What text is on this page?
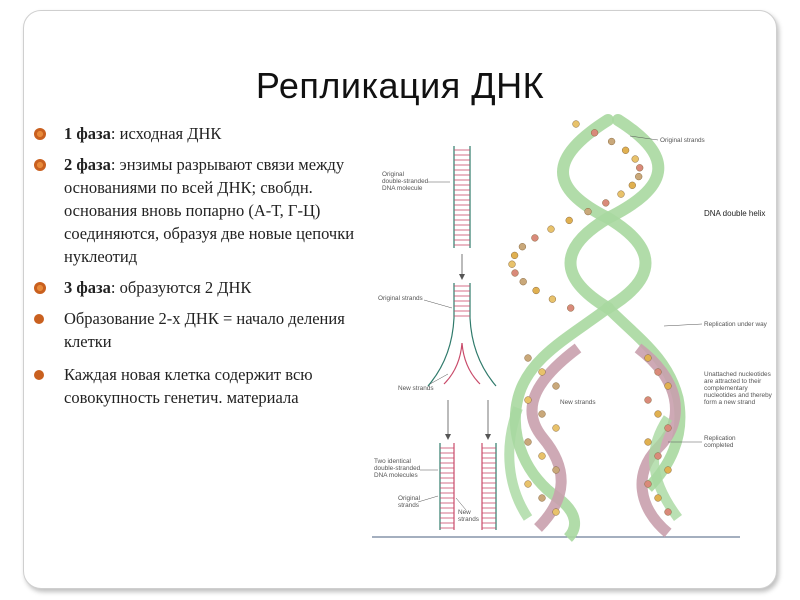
Репликация ДНК
1 фаза: исходная ДНК
2 фаза: энзимы разрывают связи между основаниями по всей ДНК; свобдн. основания вновь попарно (А-Т, Г-Ц) соединяются, образуя две новые цепочки нуклеотид
3 фаза: образуются 2 ДНК
Образование 2-х ДНК = начало деления клетки
Каждая новая клетка содержит всю совокупность генетич. материала
Original
double-stranded
DNA molecule
Original strands
New strands
Two identical
double-stranded
DNA molecules
Original
strands
New
strands
Original strands
DNA double helix
Replication under way
Unattached nucleotides
are attracted to their
complementary
nucleotides and thereby
form a new strand
New strands
Replication
completed
